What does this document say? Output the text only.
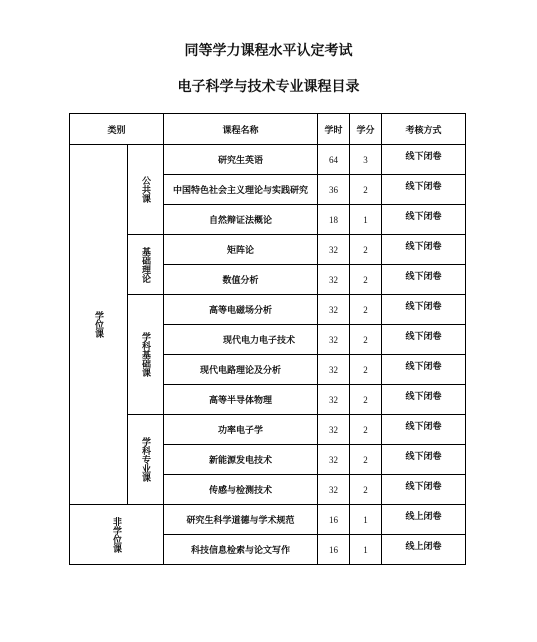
同等学力课程水平认定考试
电子科学与技术专业课程目录
类别		课程名称	学时	学分	考核方式
学位课	公共课	研究生英语	64	3	线下闭卷
		中国特色社会主义理论与实践研究	36	2	线下闭卷
		自然辩证法概论	18	1	线下闭卷
	基础理论	矩阵论	32	2	线下闭卷
		数值分析	32	2	线下闭卷
	学科基础课	高等电磁场分析	32	2	线下闭卷
		现代电力电子技术	32	2	线下闭卷
		现代电路理论及分析	32	2	线下闭卷
		高等半导体物理	32	2	线下闭卷
	学科专业课	功率电子学	32	2	线下闭卷
		新能源发电技术	32	2	线下闭卷
		传感与检测技术	32	2	线下闭卷
非学位课		研究生科学道德与学术规范	16	1	线上闭卷
		科技信息检索与论文写作	16	1	线上闭卷
